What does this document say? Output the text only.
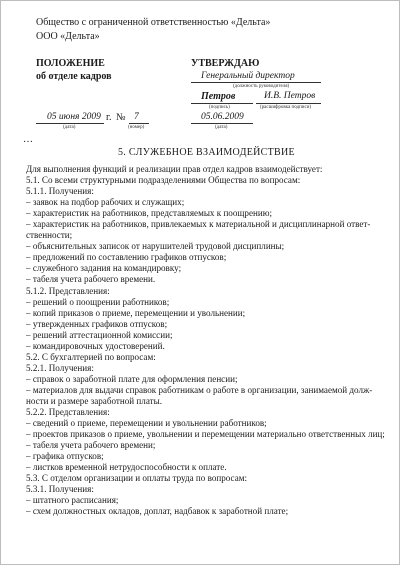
Общество с ограниченной ответственностью «Дельта»
ООО «Дельта»
ПОЛОЖЕНИЕ
об отделе кадров
УТВЕРЖДАЮ
Генеральный директор
(должность руководителя)
Петров
(подпись)
И.В. Петров
(расшифровка подписи)
05.06.2009
(дата)
05 июня 2009 г. № 7
(дата)	(номер)
…
5. СЛУЖЕБНОЕ ВЗАИМОДЕЙСТВИЕ
Для выполнения функций и реализации прав отдел кадров взаимодействует:
5.1. Со всеми структурными подразделениями Общества по вопросам:
5.1.1. Получения:
– заявок на подбор рабочих и служащих;
– характеристик на работников, представляемых к поощрению;
– характеристик на работников, привлекаемых к материальной и дисциплинарной ответ-
ственности;
– объяснительных записок от нарушителей трудовой дисциплины;
– предложений по составлению графиков отпусков;
– служебного задания на командировку;
– табеля учета рабочего времени.
5.1.2. Представления:
– решений о поощрении работников;
– копий приказов о приеме, перемещении и увольнении;
– утвержденных графиков отпусков;
– решений аттестационной комиссии;
– командировочных удостоверений.
5.2. С бухгалтерией по вопросам:
5.2.1. Получения:
– справок о заработной плате для оформления пенсии;
– материалов для выдачи справок работникам о работе в организации, занимаемой долж-
ности и размере заработной платы.
5.2.2. Представления:
– сведений о приеме, перемещении и увольнении работников;
– проектов приказов о приеме, увольнении и перемещении материально ответственных лиц;
– табеля учета рабочего времени;
– графика отпусков;
– листков временной нетрудоспособности к оплате.
5.3. С отделом организации и оплаты труда по вопросам:
5.3.1. Получения:
– штатного расписания;
– схем должностных окладов, доплат, надбавок к заработной плате;
